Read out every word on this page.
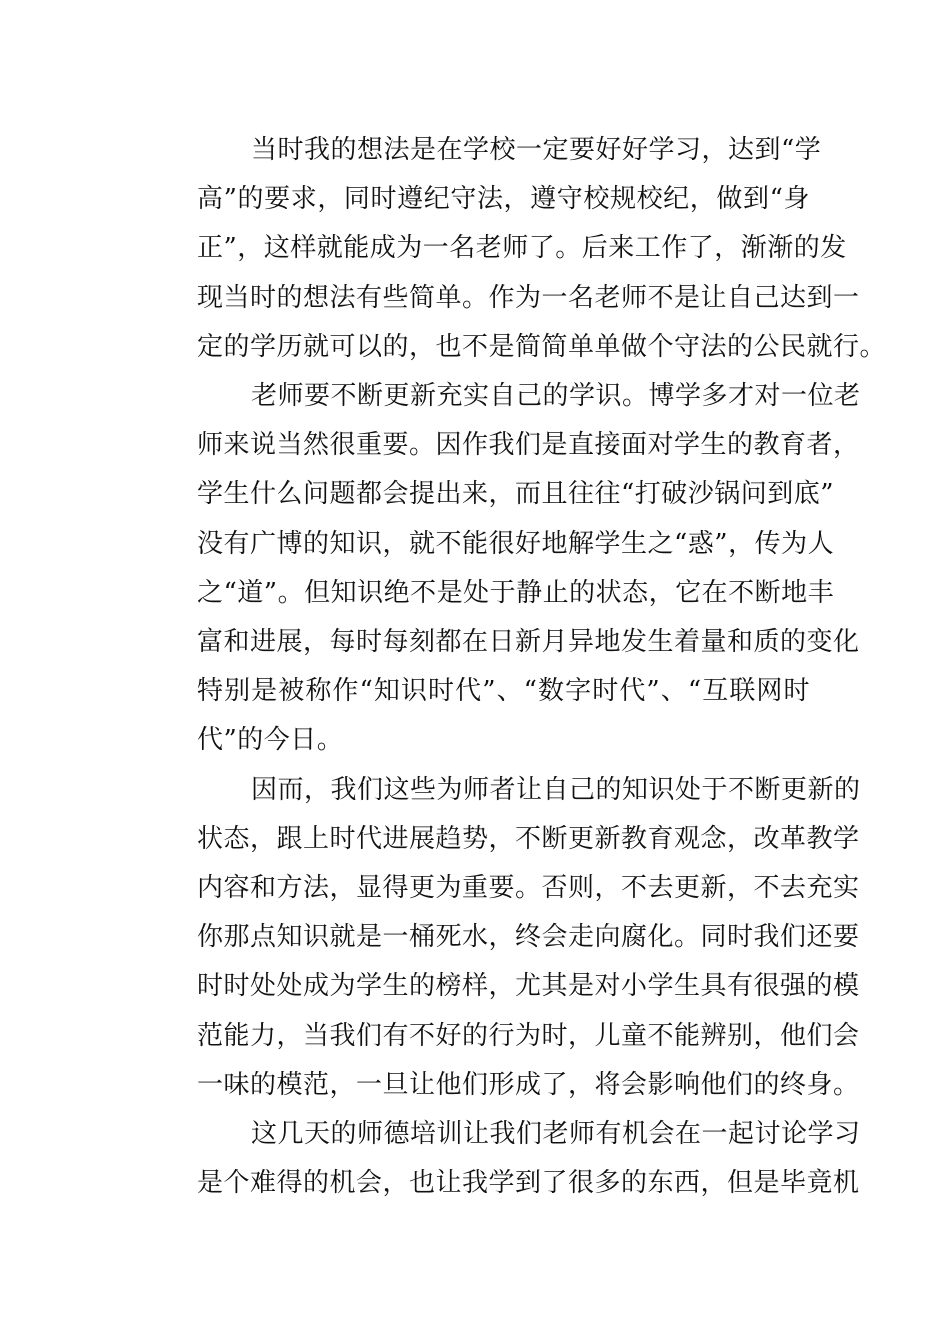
当时我的想法是在学校一定要好好学习，达到“学
高”的要求，同时遵纪守法，遵守校规校纪，做到“身
正”，这样就能成为一名老师了。后来工作了，渐渐的发
现当时的想法有些简单。作为一名老师不是让自己达到一
定的学历就可以的，也不是简简单单做个守法的公民就行。
老师要不断更新充实自己的学识。博学多才对一位老
师来说当然很重要。因作我们是直接面对学生的教育者，
学生什么问题都会提出来，而且往往“打破沙锅问到底”
没有广博的知识，就不能很好地解学生之“惑”，传为人
之“道”。但知识绝不是处于静止的状态，它在不断地丰
富和进展，每时每刻都在日新月异地发生着量和质的变化
特别是被称作“知识时代”、“数字时代”、“互联网时
代”的今日。
因而，我们这些为师者让自己的知识处于不断更新的
状态，跟上时代进展趋势，不断更新教育观念，改革教学
内容和方法，显得更为重要。否则，不去更新，不去充实
你那点知识就是一桶死水，终会走向腐化。同时我们还要
时时处处成为学生的榜样，尤其是对小学生具有很强的模
范能力，当我们有不好的行为时，儿童不能辨别，他们会
一味的模范，一旦让他们形成了，将会影响他们的终身。
这几天的师德培训让我们老师有机会在一起讨论学习
是个难得的机会，也让我学到了很多的东西，但是毕竟机
